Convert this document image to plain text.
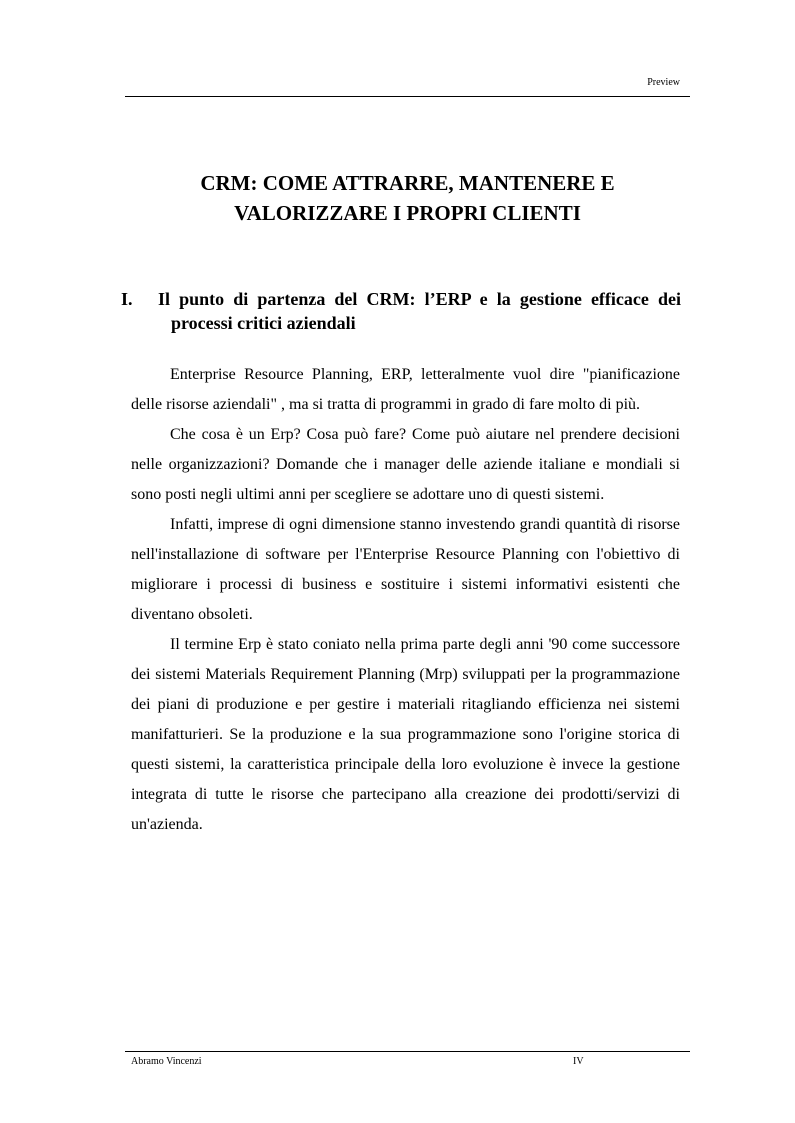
Preview
CRM: COME ATTRARRE, MANTENERE E
VALORIZZARE I PROPRI CLIENTI
I. Il punto di partenza del CRM: l’ERP e la gestione efficace dei
processi critici aziendali

Enterprise Resource Planning, ERP, letteralmente vuol dire "pianificazione delle risorse aziendali" , ma si tratta di programmi in grado di fare molto di più.

Che cosa è un Erp? Cosa può fare? Come può aiutare nel prendere decisioni nelle organizzazioni? Domande che i manager delle aziende italiane e mondiali si sono posti negli ultimi anni per scegliere se adottare uno di questi sistemi.

Infatti, imprese di ogni dimensione stanno investendo grandi quantità di risorse nell'installazione di software per l'Enterprise Resource Planning con l'obiettivo di migliorare i processi di business e sostituire i sistemi informativi esistenti che diventano obsoleti.

Il termine Erp è stato coniato nella prima parte degli anni '90 come successore dei sistemi Materials Requirement Planning (Mrp) sviluppati per la programmazione dei piani di produzione e per gestire i materiali ritagliando efficienza nei sistemi manifatturieri. Se la produzione e la sua programmazione sono l'origine storica di questi sistemi, la caratteristica principale della loro evoluzione è invece la gestione integrata di tutte le risorse che partecipano alla creazione dei prodotti/servizi di un'azienda.

Abramo Vincenzi	IV
